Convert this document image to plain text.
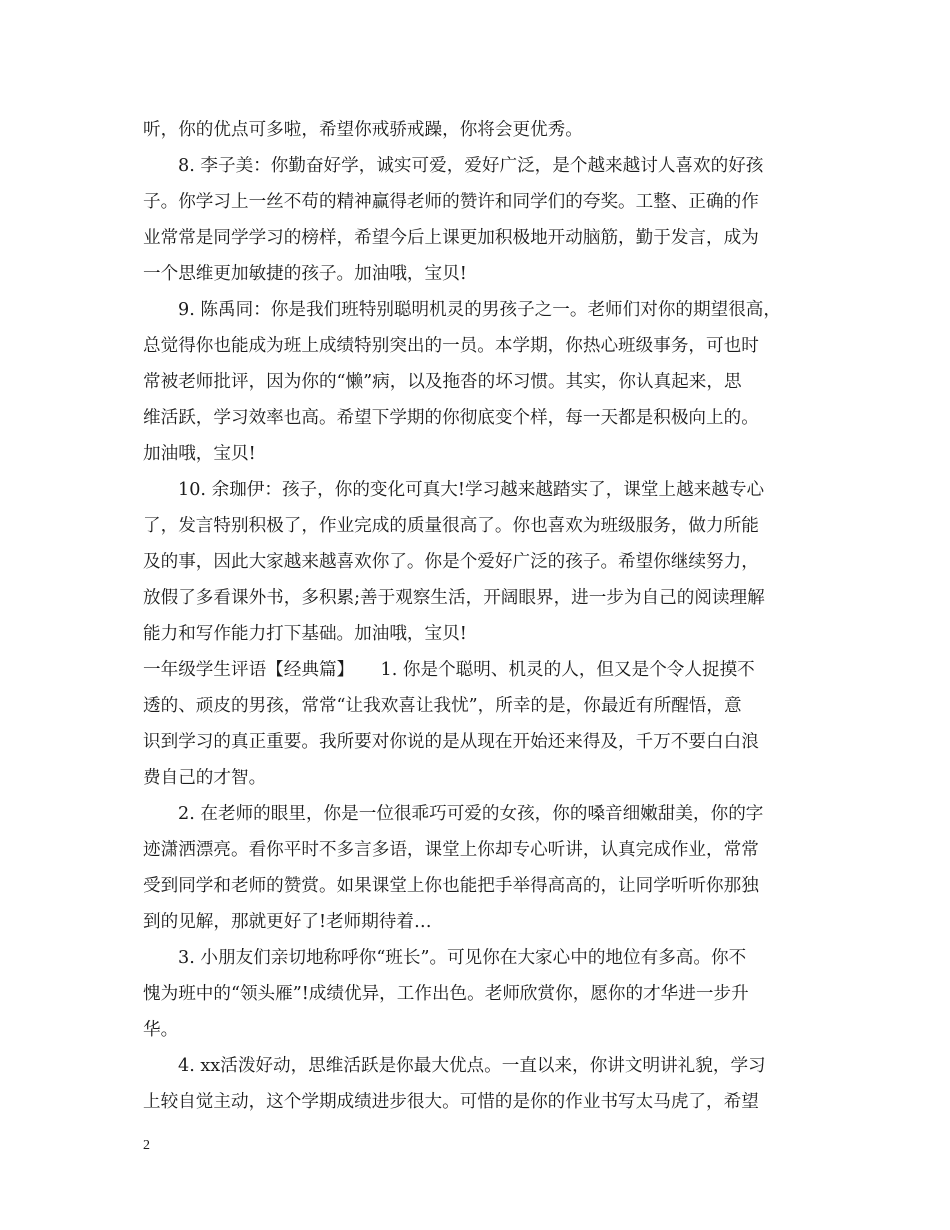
听，你的优点可多啦，希望你戒骄戒躁，你将会更优秀。
8. 李子美：你勤奋好学，诚实可爱，爱好广泛，是个越来越讨人喜欢的好孩
子。你学习上一丝不苟的精神赢得老师的赞许和同学们的夸奖。工整、正确的作
业常常是同学学习的榜样，希望今后上课更加积极地开动脑筋，勤于发言，成为
一个思维更加敏捷的孩子。加油哦，宝贝!
9. 陈禹同：你是我们班特别聪明机灵的男孩子之一。老师们对你的期望很高，
总觉得你也能成为班上成绩特别突出的一员。本学期，你热心班级事务，可也时
常被老师批评，因为你的“懒”病，以及拖沓的坏习惯。其实，你认真起来，思
维活跃，学习效率也高。希望下学期的你彻底变个样，每一天都是积极向上的。
加油哦，宝贝!
10. 余珈伊：孩子，你的变化可真大!学习越来越踏实了，课堂上越来越专心
了，发言特别积极了，作业完成的质量很高了。你也喜欢为班级服务，做力所能
及的事，因此大家越来越喜欢你了。你是个爱好广泛的孩子。希望你继续努力，
放假了多看课外书，多积累;善于观察生活，开阔眼界，进一步为自己的阅读理解
能力和写作能力打下基础。加油哦，宝贝!
一年级学生评语【经典篇】　　1. 你是个聪明、机灵的人，但又是个令人捉摸不
透的、顽皮的男孩，常常“让我欢喜让我忧”，所幸的是，你最近有所醒悟，意
识到学习的真正重要。我所要对你说的是从现在开始还来得及，千万不要白白浪
费自己的才智。
2. 在老师的眼里，你是一位很乖巧可爱的女孩，你的嗓音细嫩甜美，你的字
迹潇洒漂亮。看你平时不多言多语，课堂上你却专心听讲，认真完成作业，常常
受到同学和老师的赞赏。如果课堂上你也能把手举得高高的，让同学听听你那独
到的见解，那就更好了!老师期待着…
3. 小朋友们亲切地称呼你“班长”。可见你在大家心中的地位有多高。你不
愧为班中的“领头雁”!成绩优异，工作出色。老师欣赏你，愿你的才华进一步升
华。
4. xx活泼好动，思维活跃是你最大优点。一直以来，你讲文明讲礼貌，学习
上较自觉主动，这个学期成绩进步很大。可惜的是你的作业书写太马虎了，希望
2
